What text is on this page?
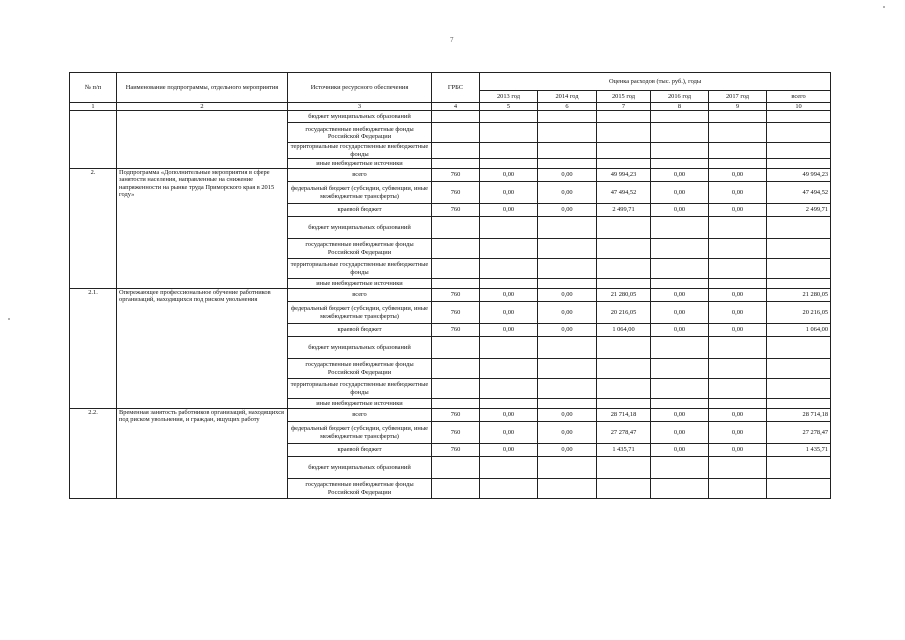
7
№ п/п	Наименование подпрограммы, отдельного мероприятия	Источники ресурсного обеспечения	ГРБС	Оценка расходов (тыс. руб.), годы					
				2013 год	2014 год	2015 год	2016 год	2017 год	всего
1	2	3	4	5	6	7	8	9	10
		бюджет муниципальных образований							
		государственные внебюджетные фонды Российской Федерации							
		территориальные государственные внебюджетные фонды							
		иные внебюджетные источники							
2.	Подпрограмма «Дополнительные мероприятия в сфере занятости населения, направленные на снижение напряженности на рынке труда Приморского края в 2015 году»	всего	760	0,00	0,00	49 994,23	0,00	0,00	49 994,23
		федеральный бюджет (субсидии, субвенции, иные межбюджетные трансферты)	760	0,00	0,00	47 494,52	0,00	0,00	47 494,52
		краевой бюджет	760	0,00	0,00	2 499,71	0,00	0,00	2 499,71
		бюджет муниципальных образований							
		государственные внебюджетные фонды Российской Федерации							
		территориальные государственные внебюджетные фонды							
		иные внебюджетные источники							
2.1.	Опережающее профессиональное обучение работников организаций, находящихся под риском увольнения	всего	760	0,00	0,00	21 280,05	0,00	0,00	21 280,05
		федеральный бюджет (субсидии, субвенции, иные межбюджетные трансферты)	760	0,00	0,00	20 216,05	0,00	0,00	20 216,05
		краевой бюджет	760	0,00	0,00	1 064,00	0,00	0,00	1 064,00
		бюджет муниципальных образований							
		государственные внебюджетные фонды Российской Федерации							
		территориальные государственные внебюджетные фонды							
		иные внебюджетные источники							
2.2.	Временная занятость работников организаций, находящихся под риском увольнения, и граждан, ищущих работу	всего	760	0,00	0,00	28 714,18	0,00	0,00	28 714,18
		федеральный бюджет (субсидии, субвенции, иные межбюджетные трансферты)	760	0,00	0,00	27 278,47	0,00	0,00	27 278,47
		краевой бюджет	760	0,00	0,00	1 435,71	0,00	0,00	1 435,71
		бюджет муниципальных образований							
		государственные внебюджетные фонды Российской Федерации							
